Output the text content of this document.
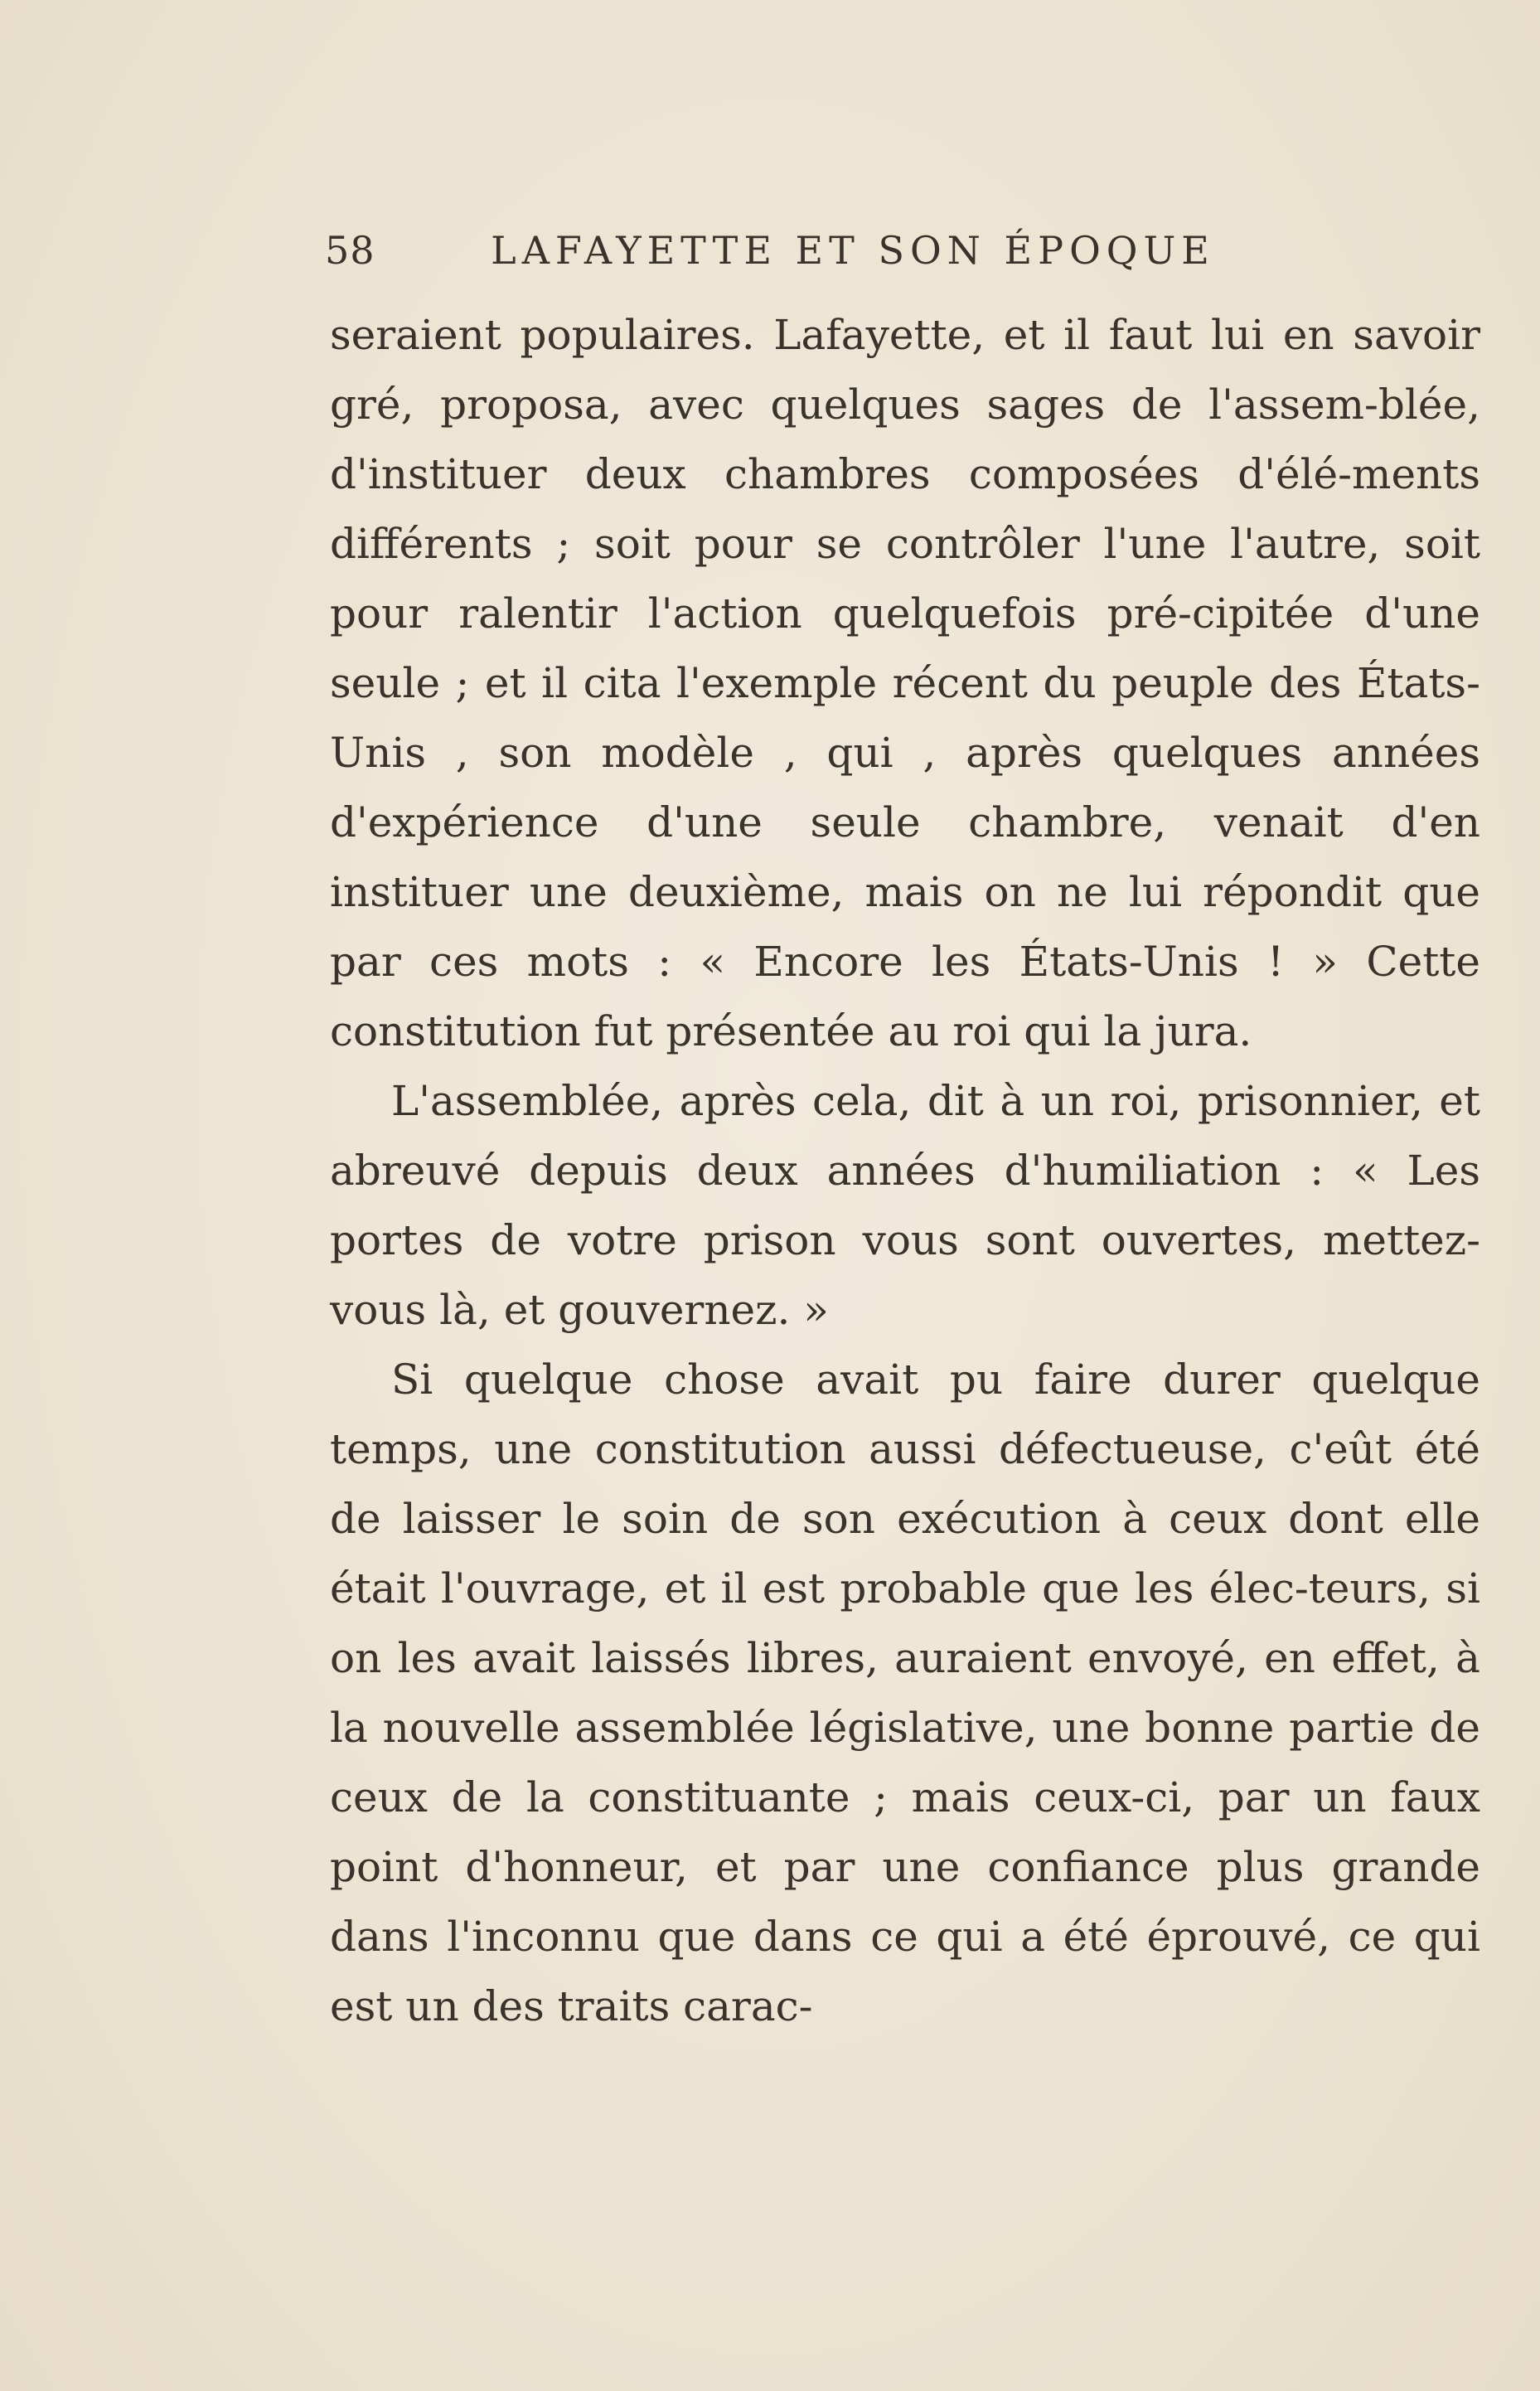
58	LAFAYETTE ET SON ÉPOQUE

seraient populaires. Lafayette, et il faut lui en savoir gré, proposa, avec quelques sages de l'assem-blée, d'instituer deux chambres composées d'élé-ments différents ; soit pour se contrôler l'une l'autre, soit pour ralentir l'action quelquefois pré-cipitée d'une seule ; et il cita l'exemple récent du peuple des États-Unis , son modèle , qui , après quelques années d'expérience d'une seule chambre, venait d'en instituer une deuxième, mais on ne lui répondit que par ces mots : « Encore les États-Unis ! » Cette constitution fut présentée au roi qui la jura.

L'assemblée, après cela, dit à un roi, prisonnier, et abreuvé depuis deux années d'humiliation : « Les portes de votre prison vous sont ouvertes, mettez-vous là, et gouvernez. »

Si quelque chose avait pu faire durer quelque temps, une constitution aussi défectueuse, c'eût été de laisser le soin de son exécution à ceux dont elle était l'ouvrage, et il est probable que les élec-teurs, si on les avait laissés libres, auraient envoyé, en effet, à la nouvelle assemblée législative, une bonne partie de ceux de la constituante ; mais ceux-ci, par un faux point d'honneur, et par une confiance plus grande dans l'inconnu que dans ce qui a été éprouvé, ce qui est un des traits carac-
